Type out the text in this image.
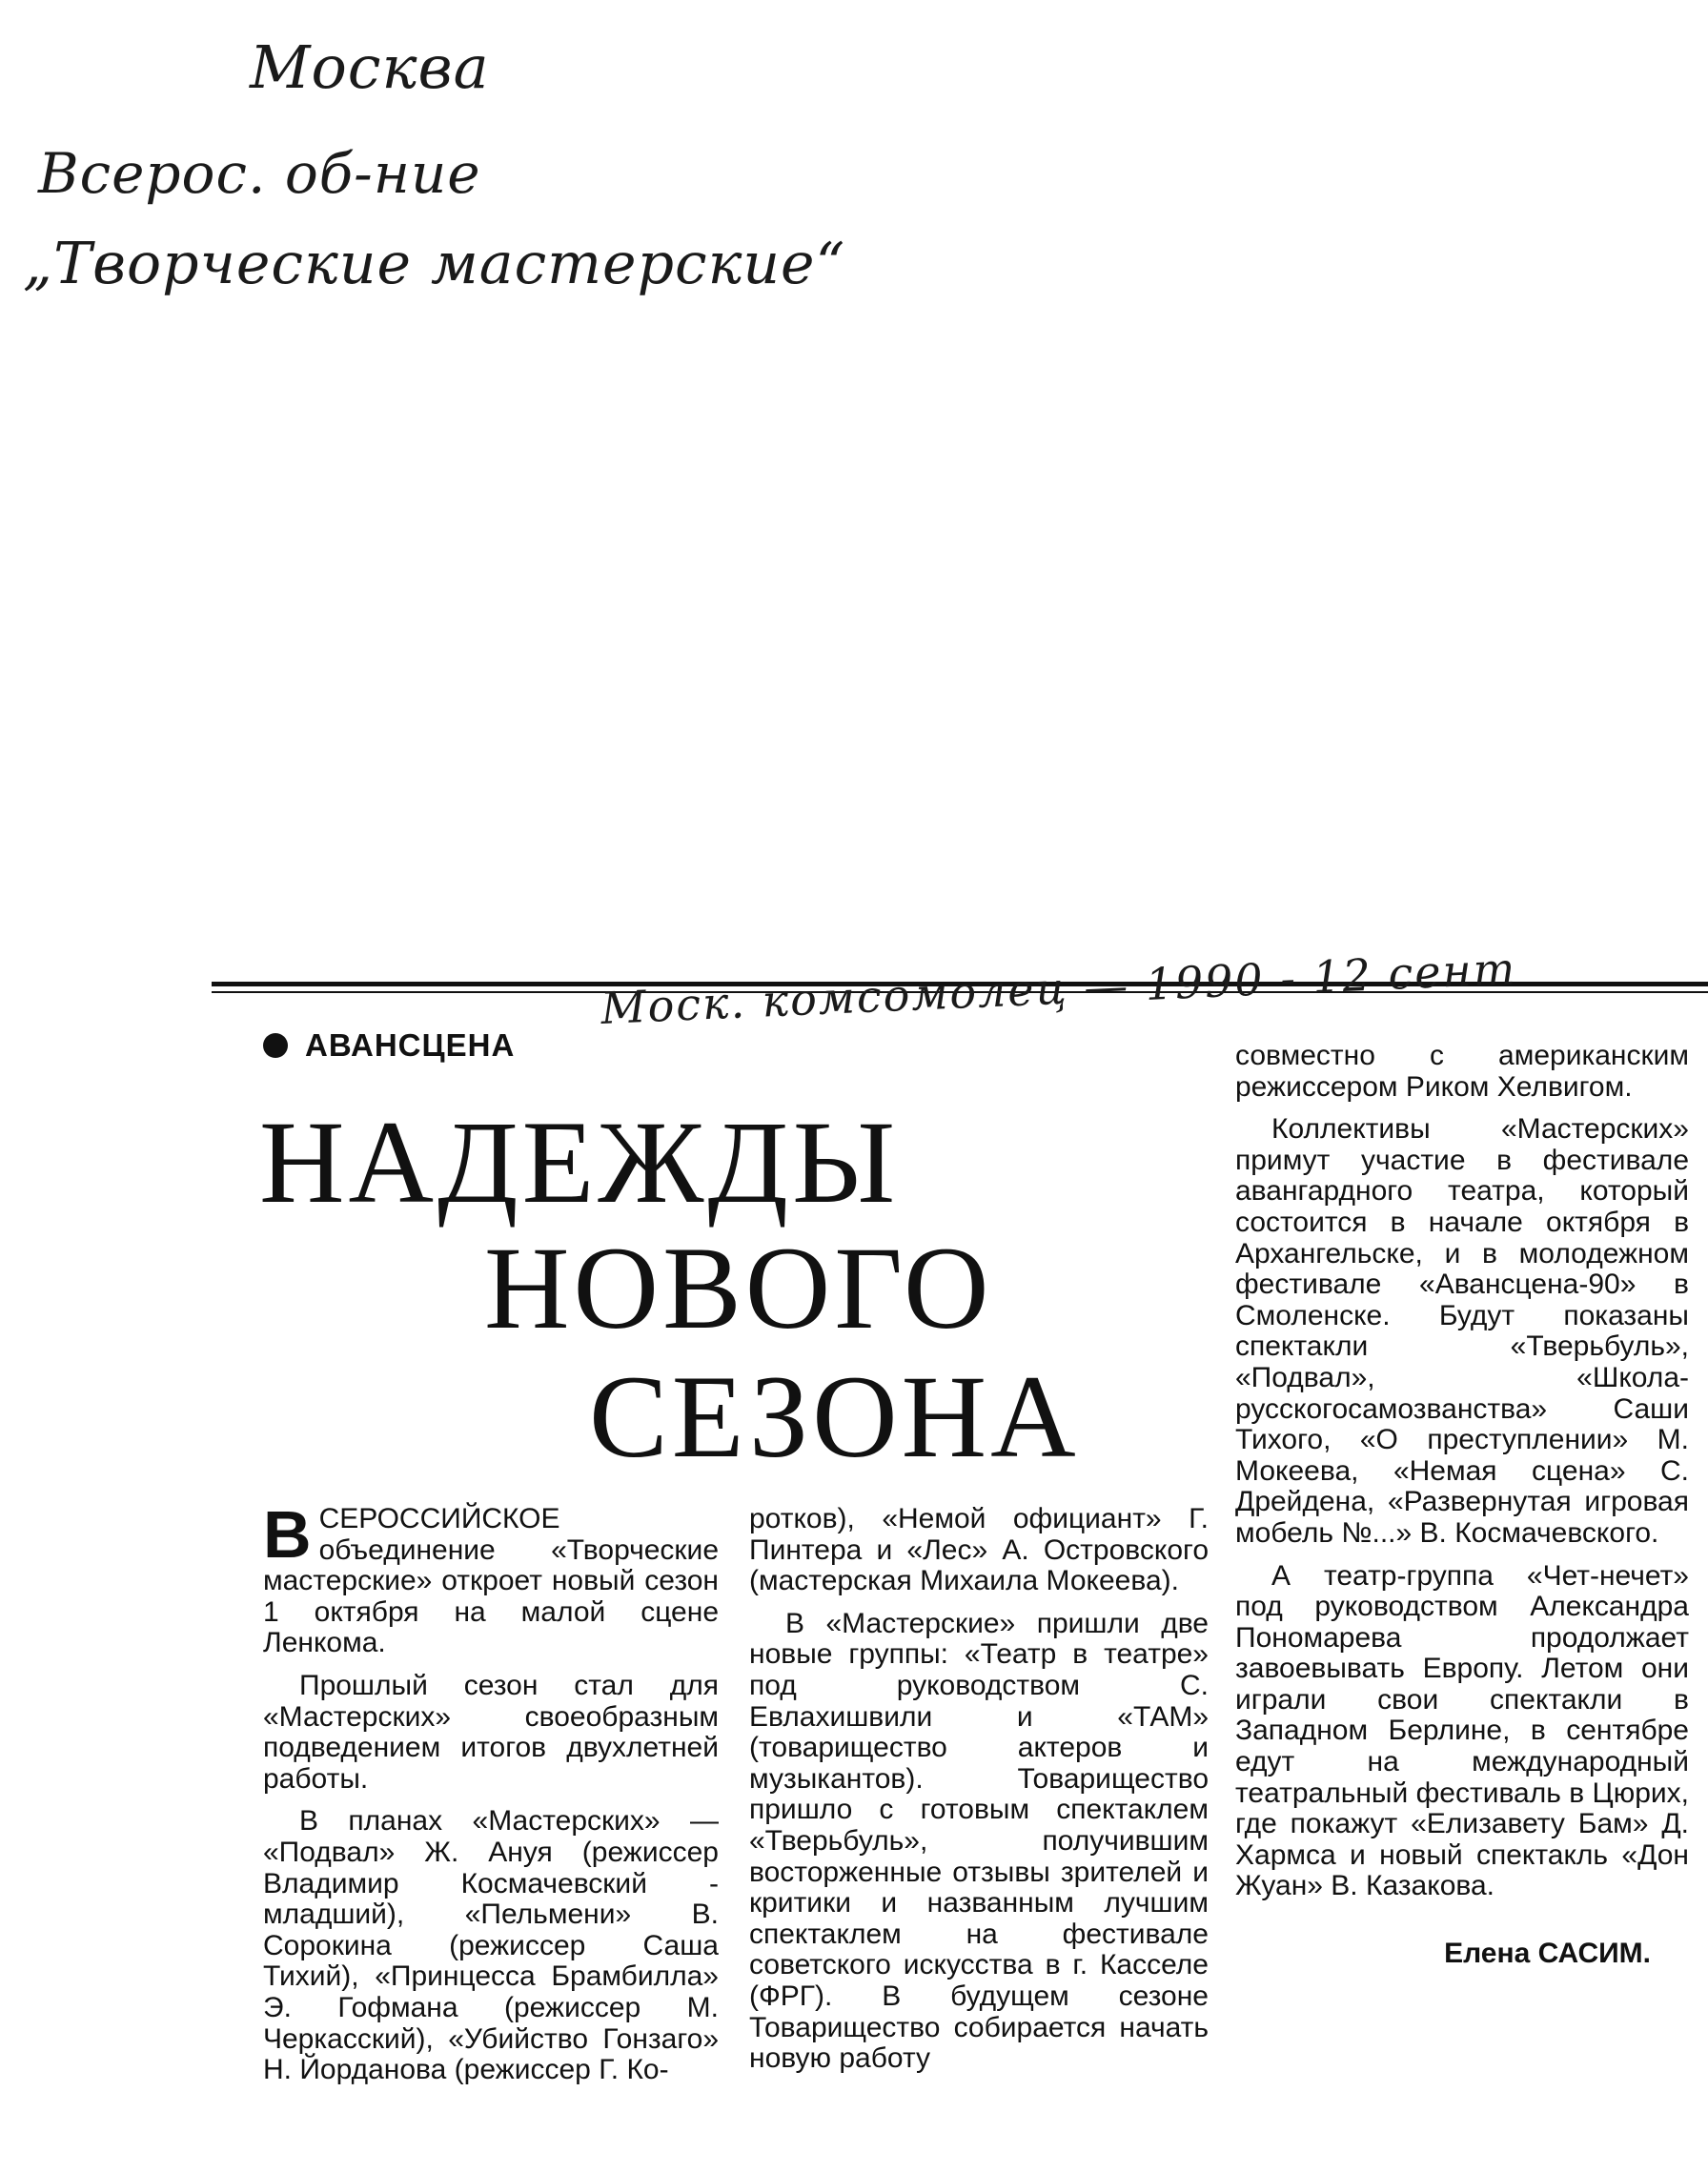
Москва
Всерос. об-ние
„Творческие мастерские“
Моск. комсомолец — 1990 - 12 сент
АВАНСЦЕНА
НАДЕЖДЫ
НОВОГО
СЕЗОНА

ВСЕРОССИЙСКОЕ объединение «Творческие мастерские» откроет новый сезон 1 октября на малой сцене Ленкома.

Прошлый сезон стал для «Мастерских» своеобразным подведением итогов двухлетней работы.

В планах «Мастерских» — «Подвал» Ж. Ануя (режиссер Владимир Космачевский - младший), «Пельмени» В. Сорокина (режиссер Саша Тихий), «Принцесса Брамбилла» Э. Гофмана (режиссер М. Черкасский), «Убийство Гонзаго» Н. Йорданова (режиссер Г. Ко-

ротков), «Немой официант» Г. Пинтера и «Лес» А. Островского (мастерская Михаила Мокеева).

В «Мастерские» пришли две новые группы: «Театр в театре» под руководством С. Евлахишвили и «ТАМ» (товарищество актеров и музыкантов). Товарищество пришло с готовым спектаклем «Тверьбуль», получившим восторженные отзывы зрителей и критики и названным лучшим спектаклем на фестивале советского искусства в г. Касселе (ФРГ). В будущем сезоне Товарищество собирается начать новую работу

совместно с американским режиссером Риком Хелвигом.

Коллективы «Мастерских» примут участие в фестивале авангардного театра, который состоится в начале октября в Архангельске, и в молодежном фестивале «Авансцена-90» в Смоленске. Будут показаны спектакли «Тверьбуль», «Подвал», «Школа-русскогосамозванства» Саши Тихого, «О преступлении» М. Мокеева, «Немая сцена» С. Дрейдена, «Развернутая игровая мобель №...» В. Космачевского.

А театр-группа «Чет-нечет» под руководством Александра Пономарева продолжает завоевывать Европу. Летом они играли свои спектакли в Западном Берлине, в сентябре едут на международный театральный фестиваль в Цюрих, где покажут «Елизавету Бам» Д. Хармса и новый спектакль «Дон Жуан» В. Казакова.

Елена САСИМ.
